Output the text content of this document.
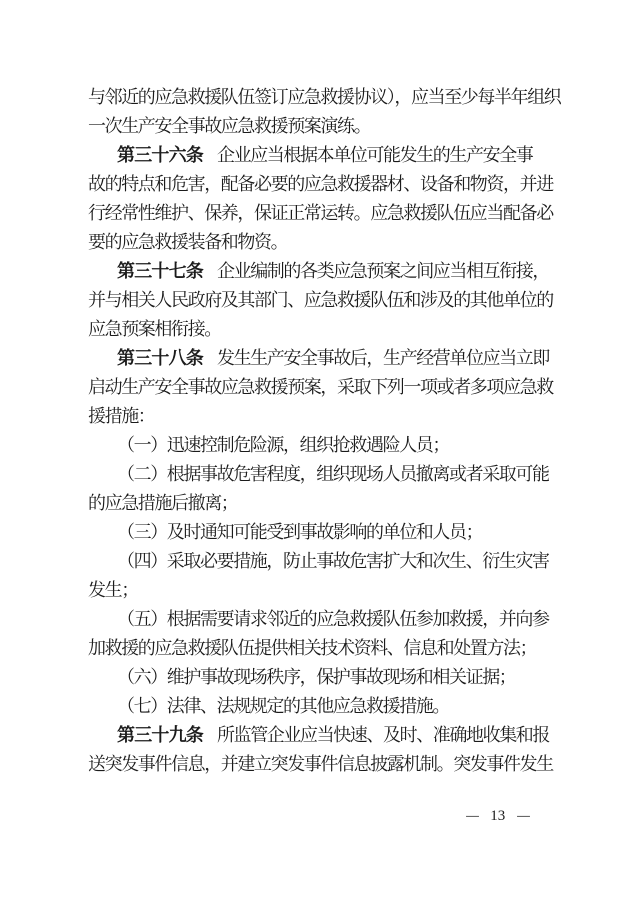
与邻近的应急救援队伍签订应急救援协议），应当至少每半年组织
一次生产安全事故应急救援预案演练。
第三十六条 企业应当根据本单位可能发生的生产安全事
故的特点和危害，配备必要的应急救援器材、设备和物资，并进
行经常性维护、保养，保证正常运转。应急救援队伍应当配备必
要的应急救援装备和物资。
第三十七条 企业编制的各类应急预案之间应当相互衔接，
并与相关人民政府及其部门、应急救援队伍和涉及的其他单位的
应急预案相衔接。
第三十八条 发生生产安全事故后，生产经营单位应当立即
启动生产安全事故应急救援预案，采取下列一项或者多项应急救
援措施：
（一）迅速控制危险源，组织抢救遇险人员；
（二）根据事故危害程度，组织现场人员撤离或者采取可能
的应急措施后撤离；
（三）及时通知可能受到事故影响的单位和人员；
（四）采取必要措施，防止事故危害扩大和次生、衍生灾害
发生；
（五）根据需要请求邻近的应急救援队伍参加救援，并向参
加救援的应急救援队伍提供相关技术资料、信息和处置方法；
（六）维护事故现场秩序，保护事故现场和相关证据；
（七）法律、法规规定的其他应急救援措施。
第三十九条 所监管企业应当快速、及时、准确地收集和报
送突发事件信息，并建立突发事件信息披露机制。突发事件发生
— 13 —
